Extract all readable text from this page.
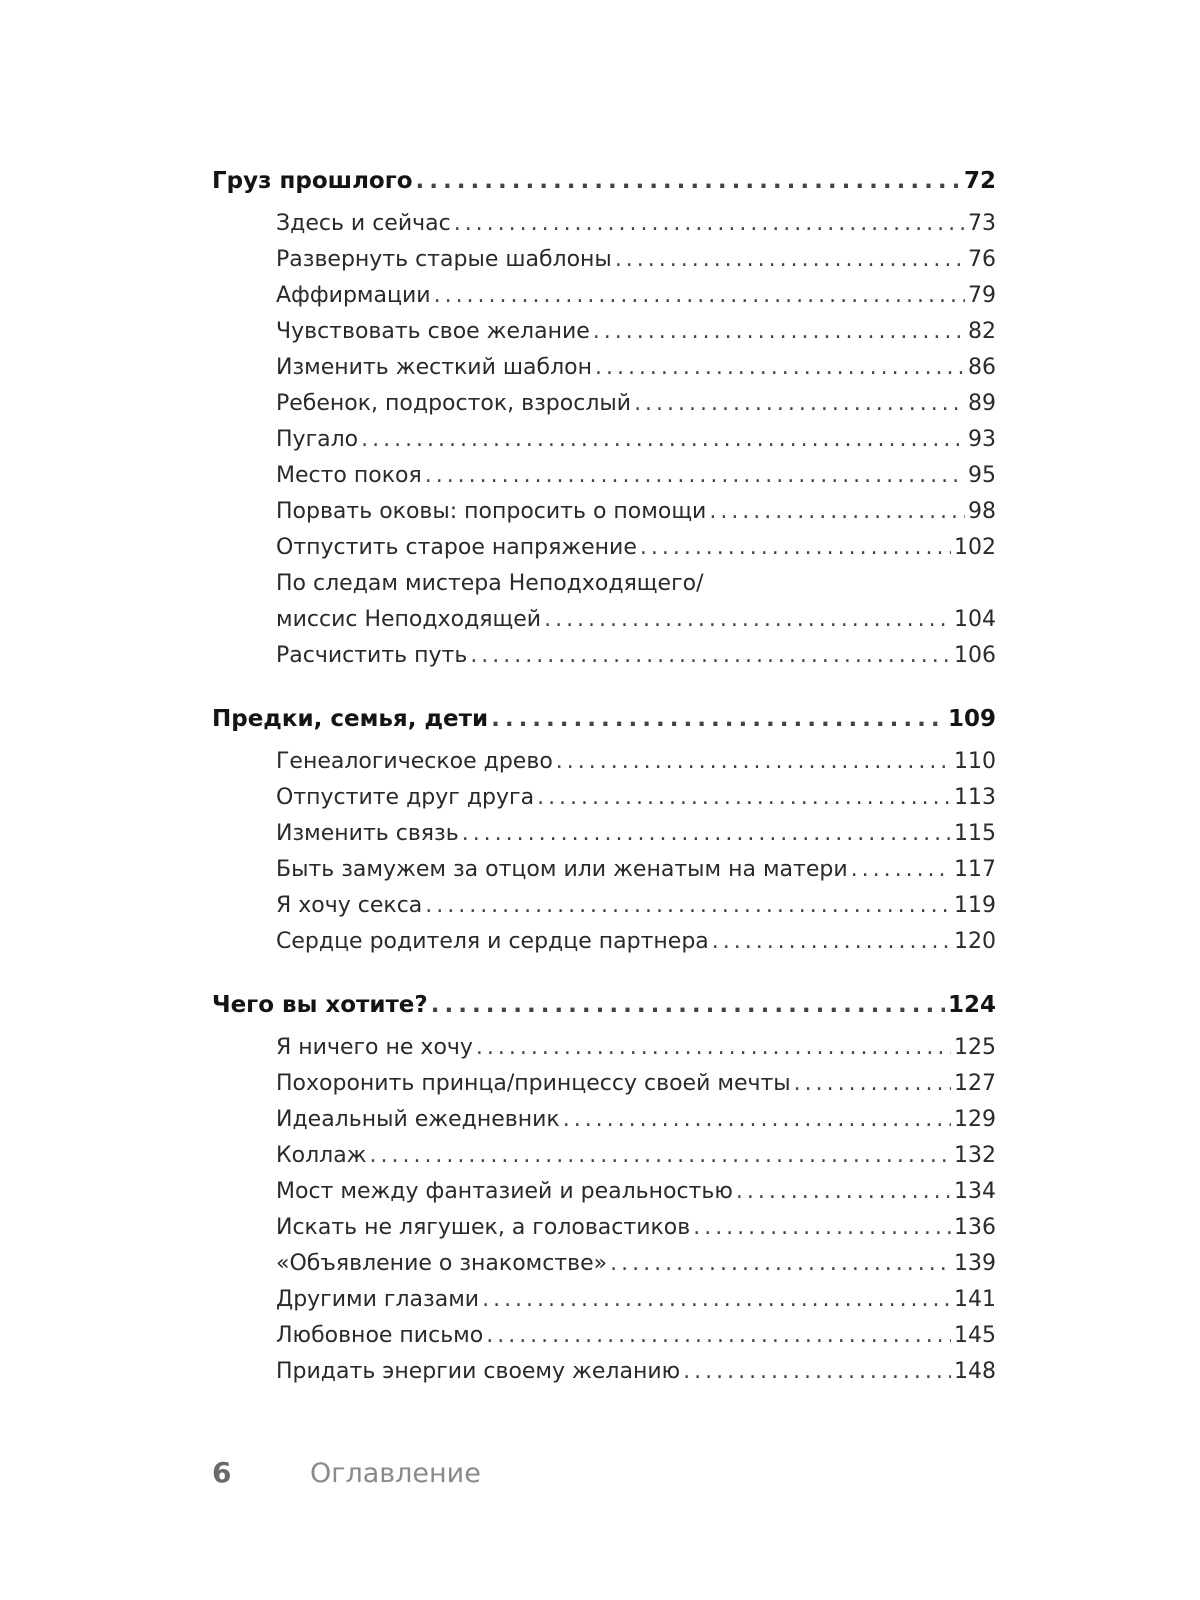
Груз прошлого . . .	72
Здесь и сейчас . . .	73
Развернуть старые шаблоны . . .	76
Аффирмации . . .	79
Чувствовать свое желание . . .	82
Изменить жесткий шаблон . . .	86
Ребенок, подросток, взрослый . . .	89
Пугало . . .	93
Место покоя . . .	95
Порвать оковы: попросить о помощи . . .	98
Отпустить старое напряжение . . .	102
По следам мистера Неподходящего/
миссис Неподходящей . . .	104
Расчистить путь . . .	106
Предки, семья, дети . . .	109
Генеалогическое древо . . .	110
Отпустите друг друга . . .	113
Изменить связь . . .	115
Быть замужем за отцом или женатым на матери . . .	117
Я хочу секса . . .	119
Сердце родителя и сердце партнера . . .	120
Чего вы хотите? . . .	124
Я ничего не хочу . . .	125
Похоронить принца/принцессу своей мечты . . .	127
Идеальный ежедневник . . .	129
Коллаж . . .	132
Мост между фантазией и реальностью . . .	134
Искать не лягушек, а головастиков . . .	136
«Объявление о знакомстве» . . .	139
Другими глазами . . .	141
Любовное письмо . . .	145
Придать энергии своему желанию . . .	148
6	Оглавление
